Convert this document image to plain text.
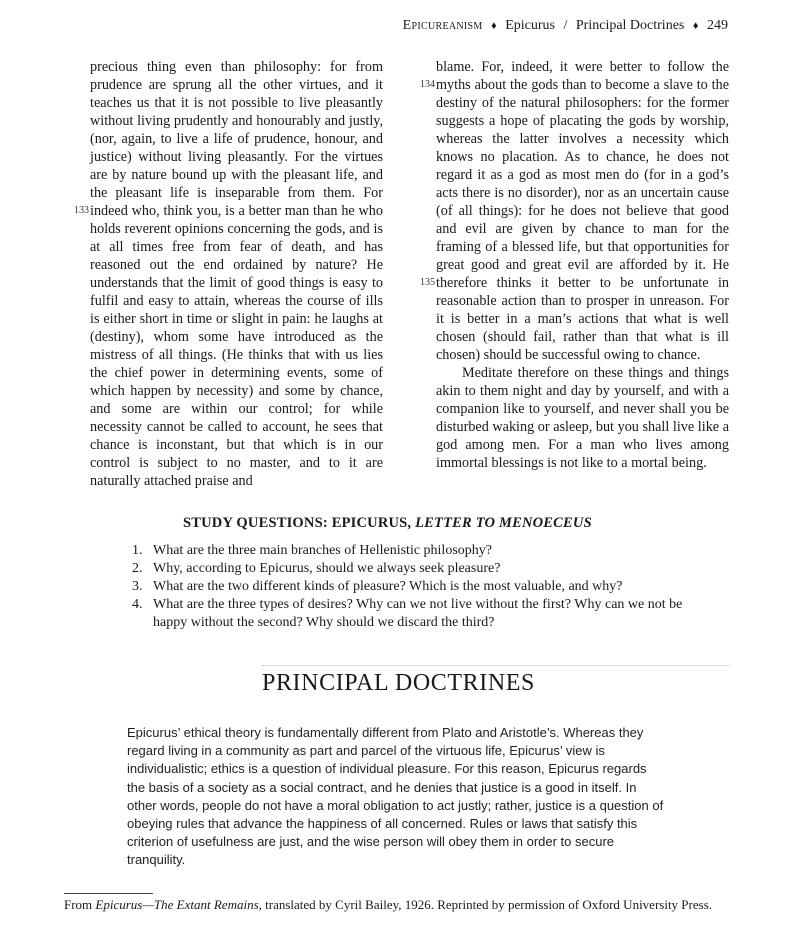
Epicureanism ♦ Epicurus / Principal Doctrines ♦ 249

precious thing even than philosophy: for from prudence are sprung all the other virtues, and it teaches us that it is not possible to live pleasantly without living prudently and honourably and justly, (nor, again, to live a life of prudence, honour, and justice) without living pleasantly. For the virtues are by nature bound up with the pleasant life, and the pleasant life is inseparable from them. For indeed who, think you, is a better man than he who holds reverent opinions concerning the gods, and is at all times free from fear of death, and has reasoned out the end ordained by nature? He understands that the limit of good things is easy to fulfil and easy to attain, whereas the course of ills is either short in time or slight in pain: he laughs at (destiny), whom some have introduced as the mistress of all things. (He thinks that with us lies the chief power in determining events, some of which happen by necessity) and some by chance, and some are within our control; for while necessity cannot be called to account, he sees that chance is inconstant, but that which is in our control is subject to no master, and to it are naturally attached praise and

133

blame. For, indeed, it were better to follow the myths about the gods than to become a slave to the destiny of the natural philosophers: for the former suggests a hope of placating the gods by worship, whereas the latter involves a necessity which knows no placation. As to chance, he does not regard it as a god as most men do (for in a god’s acts there is no disorder), nor as an uncertain cause (of all things): for he does not believe that good and evil are given by chance to man for the framing of a blessed life, but that opportunities for great good and great evil are afforded by it. He therefore thinks it better to be unfortunate in reasonable action than to prosper in unreason. For it is better in a man’s actions that what is well chosen (should fail, rather than that what is ill chosen) should be successful owing to chance.

Meditate therefore on these things and things akin to them night and day by yourself, and with a companion like to yourself, and never shall you be disturbed waking or asleep, but you shall live like a god among men. For a man who lives among immortal blessings is not like to a mortal being.

134
135
STUDY QUESTIONS: EPICURUS, LETTER TO MENOECEUS
1. What are the three main branches of Hellenistic philosophy?
2. Why, according to Epicurus, should we always seek pleasure?
3. What are the two different kinds of pleasure? Which is the most valuable, and why?
4. What are the three types of desires? Why can we not live without the first? Why can we not be happy without the second? Why should we discard the third?
PRINCIPAL DOCTRINES

Epicurus’ ethical theory is fundamentally different from Plato and Aristotle’s. Whereas they regard living in a community as part and parcel of the virtuous life, Epicurus’ view is individualistic; ethics is a question of individual pleasure. For this reason, Epicurus regards the basis of a society as a social contract, and he denies that justice is a good in itself. In other words, people do not have a moral obligation to act justly; rather, justice is a question of obeying rules that advance the happiness of all concerned. Rules or laws that satisfy this criterion of usefulness are just, and the wise person will obey them in order to secure tranquility.

From Epicurus—The Extant Remains, translated by Cyril Bailey, 1926. Reprinted by permission of Oxford University Press.
